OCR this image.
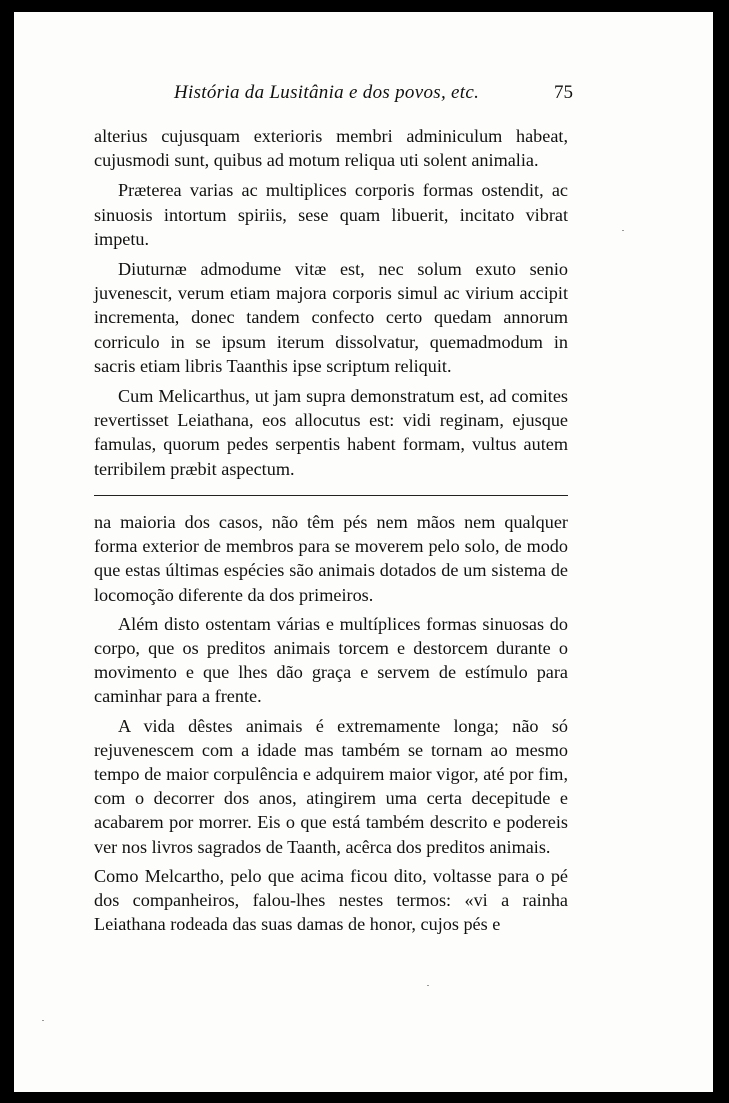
História da Lusitânia e dos povos, etc.	75

alterius cujusquam exterioris membri adminiculum habeat, cujusmodi sunt, quibus ad motum reliqua uti solent animalia.

Præterea varias ac multiplices corporis formas ostendit, ac sinuosis intortum spiriis, sese quam libuerit, incitato vibrat impetu.

Diuturnæ admodume vitæ est, nec solum exuto senio juvenescit, verum etiam majora corporis simul ac virium accipit incrementa, donec tandem confecto certo quedam annorum corriculo in se ipsum iterum dissolvatur, quemadmodum in sacris etiam libris Taanthis ipse scriptum reliquit.

Cum Melicarthus, ut jam supra demonstratum est, ad comites revertisset Leiathana, eos allocutus est: vidi reginam, ejusque famulas, quorum pedes serpentis habent formam, vultus autem terribilem præbit aspectum.

na maioria dos casos, não têm pés nem mãos nem qualquer forma exterior de membros para se moverem pelo solo, de modo que estas últimas espécies são animais dotados de um sistema de locomoção diferente da dos primeiros.

Além disto ostentam várias e multíplices formas sinuosas do corpo, que os preditos animais torcem e destorcem durante o movimento e que lhes dão graça e servem de estímulo para caminhar para a frente.

A vida dêstes animais é extremamente longa; não só rejuvenescem com a idade mas também se tornam ao mesmo tempo de maior corpulência e adquirem maior vigor, até por fim, com o decorrer dos anos, atingirem uma certa decepitude e acabarem por morrer. Eis o que está também descrito e podereis ver nos livros sagrados de Taanth, acêrca dos preditos animais.

Como Melcartho, pelo que acima ficou dito, voltasse para o pé dos companheiros, falou-lhes nestes termos: «vi a rainha Leiathana rodeada das suas damas de honor, cujos pés e
